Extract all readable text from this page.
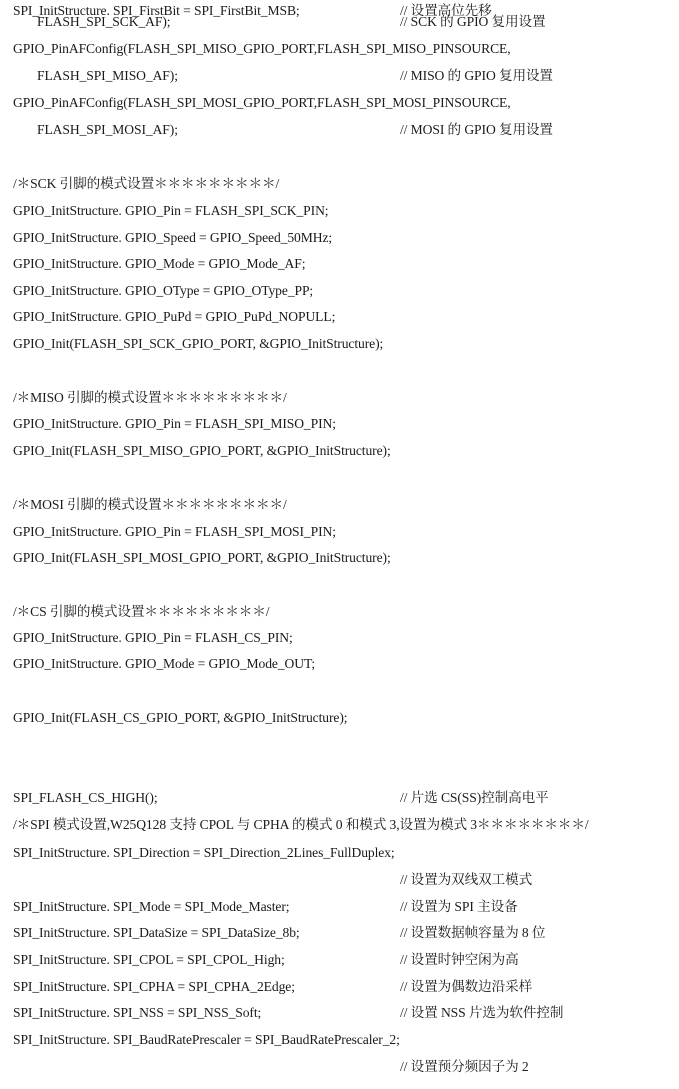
FLASH_SPI_SCK_AF);	// SCK 的 GPIO 复用设置
GPIO_PinAFConfig(FLASH_SPI_MISO_GPIO_PORT,FLASH_SPI_MISO_PINSOURCE,
FLASH_SPI_MISO_AF);	// MISO 的 GPIO 复用设置
GPIO_PinAFConfig(FLASH_SPI_MOSI_GPIO_PORT,FLASH_SPI_MOSI_PINSOURCE,
FLASH_SPI_MOSI_AF);	// MOSI 的 GPIO 复用设置
/＊SCK 引脚的模式设置＊＊＊＊＊＊＊＊＊/
GPIO_InitStructure. GPIO_Pin = FLASH_SPI_SCK_PIN;
GPIO_InitStructure. GPIO_Speed = GPIO_Speed_50MHz;
GPIO_InitStructure. GPIO_Mode = GPIO_Mode_AF;
GPIO_InitStructure. GPIO_OType = GPIO_OType_PP;
GPIO_InitStructure. GPIO_PuPd = GPIO_PuPd_NOPULL;
GPIO_Init(FLASH_SPI_SCK_GPIO_PORT, &GPIO_InitStructure);
/＊MISO 引脚的模式设置＊＊＊＊＊＊＊＊＊/
GPIO_InitStructure. GPIO_Pin = FLASH_SPI_MISO_PIN;
GPIO_Init(FLASH_SPI_MISO_GPIO_PORT, &GPIO_InitStructure);
/＊MOSI 引脚的模式设置＊＊＊＊＊＊＊＊＊/
GPIO_InitStructure. GPIO_Pin = FLASH_SPI_MOSI_PIN;
GPIO_Init(FLASH_SPI_MOSI_GPIO_PORT, &GPIO_InitStructure);
/＊CS 引脚的模式设置＊＊＊＊＊＊＊＊＊/
GPIO_InitStructure. GPIO_Pin = FLASH_CS_PIN;
GPIO_InitStructure. GPIO_Mode = GPIO_Mode_OUT;
GPIO_Init(FLASH_CS_GPIO_PORT, &GPIO_InitStructure);
SPI_FLASH_CS_HIGH();	// 片选 CS(SS)控制高电平
/＊SPI 模式设置,W25Q128 支持 CPOL 与 CPHA 的模式 0 和模式 3,设置为模式 3＊＊＊＊＊＊＊＊/
SPI_InitStructure. SPI_Direction = SPI_Direction_2Lines_FullDuplex;
// 设置为双线双工模式
SPI_InitStructure. SPI_Mode = SPI_Mode_Master;	// 设置为 SPI 主设备
SPI_InitStructure. SPI_DataSize = SPI_DataSize_8b;	// 设置数据帧容量为 8 位
SPI_InitStructure. SPI_CPOL = SPI_CPOL_High;	// 设置时钟空闲为高
SPI_InitStructure. SPI_CPHA = SPI_CPHA_2Edge;	// 设置为偶数边沿采样
SPI_InitStructure. SPI_NSS = SPI_NSS_Soft;	// 设置 NSS 片选为软件控制
SPI_InitStructure. SPI_BaudRatePrescaler = SPI_BaudRatePrescaler_2;
// 设置预分频因子为 2
SPI_InitStructure. SPI_FirstBit = SPI_FirstBit_MSB;	// 设置高位先移
